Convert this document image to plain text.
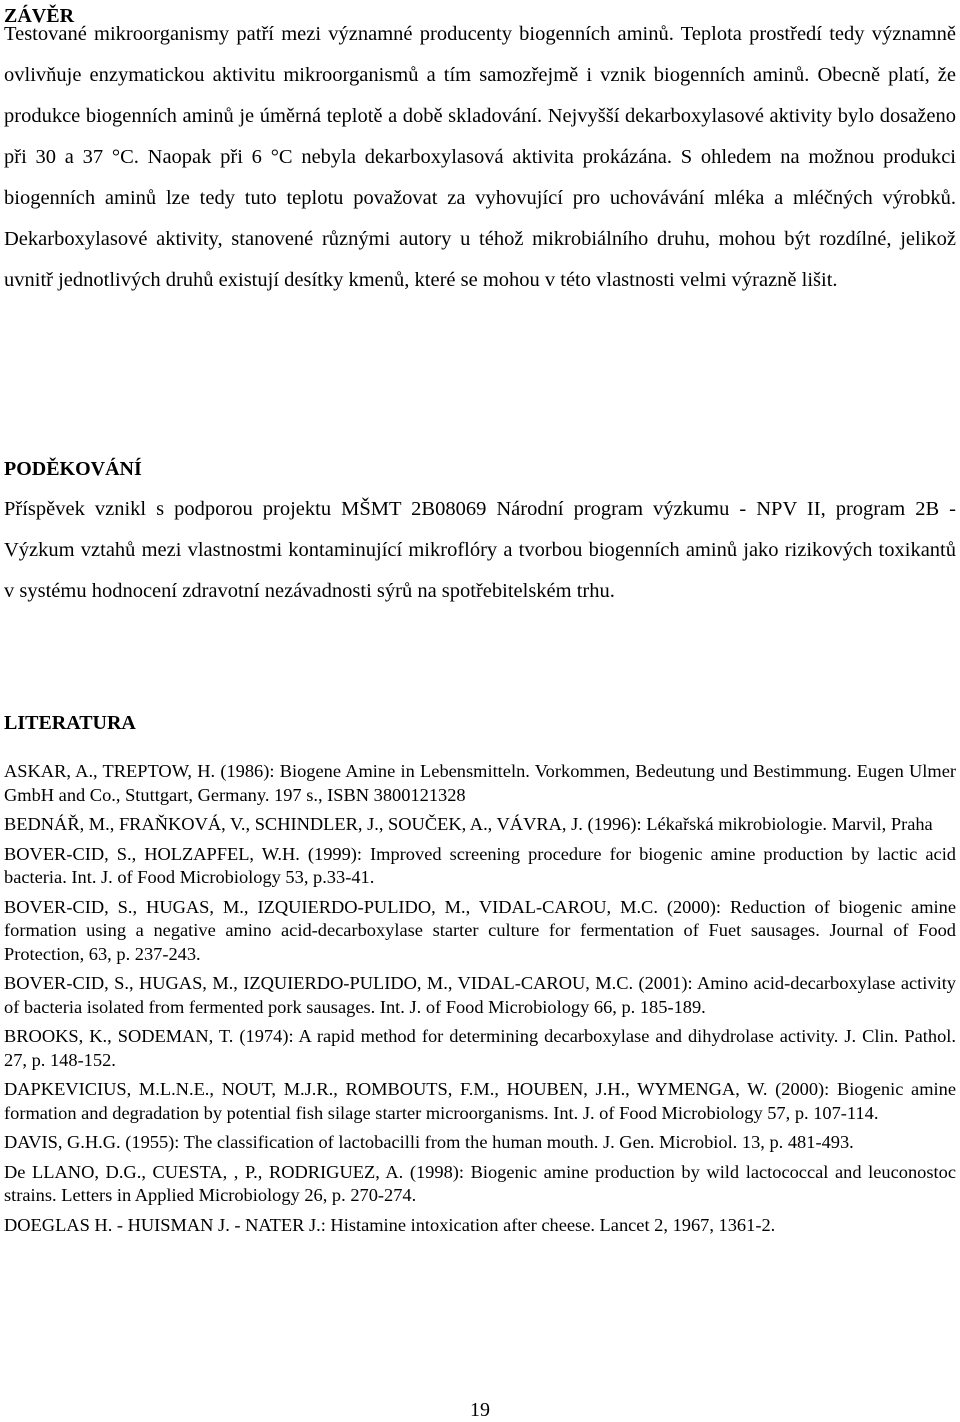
ZÁVĚR

Testované mikroorganismy patří mezi významné producenty biogenních aminů. Teplota prostředí tedy významně ovlivňuje enzymatickou aktivitu mikroorganismů a tím samozřejmě i vznik biogenních aminů. Obecně platí, že produkce biogenních aminů je úměrná teplotě a době skladování. Nejvyšší dekarboxylasové aktivity bylo dosaženo při 30 a 37 °C. Naopak při 6 °C nebyla dekarboxylasová aktivita prokázána. S ohledem na možnou produkci biogenních aminů lze tedy tuto teplotu považovat za vyhovující pro uchovávání mléka a mléčných výrobků. Dekarboxylasové aktivity, stanovené různými autory u téhož mikrobiálního druhu, mohou být rozdílné, jelikož uvnitř jednotlivých druhů existují desítky kmenů, které se mohou v této vlastnosti velmi výrazně lišit.

PODĚKOVÁNÍ

Příspěvek vznikl s podporou projektu MŠMT 2B08069 Národní program výzkumu - NPV II, program 2B - Výzkum vztahů mezi vlastnostmi kontaminující mikroflóry a tvorbou biogenních aminů jako rizikových toxikantů v systému hodnocení zdravotní nezávadnosti sýrů na spotřebitelském trhu.

LITERATURA
ASKAR, A., TREPTOW, H. (1986): Biogene Amine in Lebensmitteln. Vorkommen, Bedeutung und Bestimmung. Eugen Ulmer GmbH and Co., Stuttgart, Germany. 197 s., ISBN 3800121328
BEDNÁŘ, M., FRAŇKOVÁ, V., SCHINDLER, J., SOUČEK, A., VÁVRA, J. (1996): Lékařská mikrobiologie. Marvil, Praha
BOVER-CID, S., HOLZAPFEL, W.H. (1999): Improved screening procedure for biogenic amine production by lactic acid bacteria. Int. J. of Food Microbiology 53, p.33-41.
BOVER-CID, S., HUGAS, M., IZQUIERDO-PULIDO, M., VIDAL-CAROU, M.C. (2000): Reduction of biogenic amine formation using a negative amino acid-decarboxylase starter culture for fermentation of Fuet sausages. Journal of Food Protection, 63, p. 237-243.
BOVER-CID, S., HUGAS, M., IZQUIERDO-PULIDO, M., VIDAL-CAROU, M.C. (2001): Amino acid-decarboxylase activity of bacteria isolated from fermented pork sausages. Int. J. of Food Microbiology 66, p. 185-189.
BROOKS, K., SODEMAN, T. (1974): A rapid method for determining decarboxylase and dihydrolase activity. J. Clin. Pathol. 27, p. 148-152.
DAPKEVICIUS, M.L.N.E., NOUT, M.J.R., ROMBOUTS, F.M., HOUBEN, J.H., WYMENGA, W. (2000): Biogenic amine formation and degradation by potential fish silage starter microorganisms. Int. J. of Food Microbiology 57, p. 107-114.
DAVIS, G.H.G. (1955): The classification of lactobacilli from the human mouth. J. Gen. Microbiol. 13, p. 481-493.
De LLANO, D.G., CUESTA, , P., RODRIGUEZ, A. (1998): Biogenic amine production by wild lactococcal and leuconostoc strains. Letters in Applied Microbiology 26, p. 270-274.
DOEGLAS H. - HUISMAN J. - NATER J.: Histamine intoxication after cheese. Lancet 2, 1967, 1361-2.
19
